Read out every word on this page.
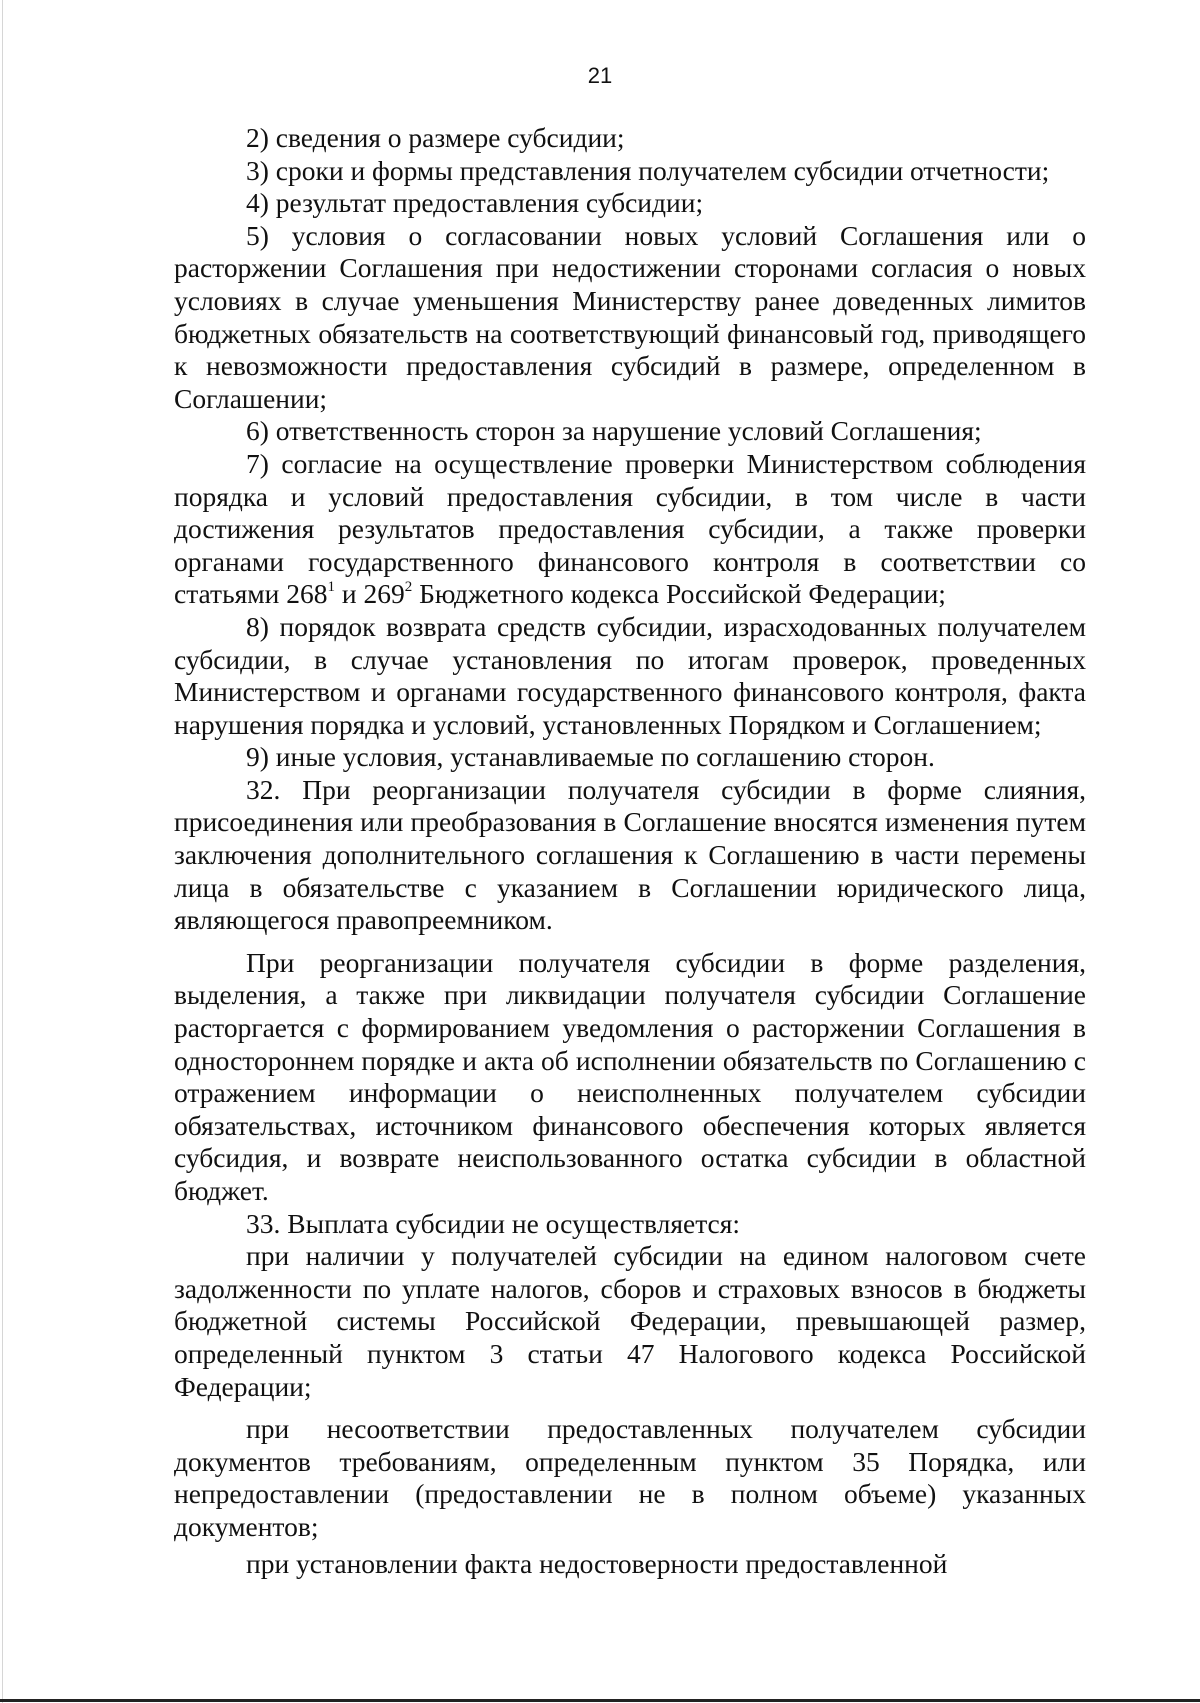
21

2) сведения о размере субсидии;

3) сроки и формы представления получателем субсидии отчетности;

4) результат предоставления субсидии;

5) условия о согласовании новых условий Соглашения или о расторжении Соглашения при недостижении сторонами согласия о новых условиях в случае уменьшения Министерству ранее доведенных лимитов бюджетных обязательств на соответствующий финансовый год, приводящего к невозможности предоставления субсидий в размере, определенном в Соглашении;

6) ответственность сторон за нарушение условий Соглашения;

7) согласие на осуществление проверки Министерством соблюдения порядка и условий предоставления субсидии, в том числе в части достижения результатов предоставления субсидии, а также проверки органами государственного финансового контроля в соответствии со статьями $268^1$ и $269^2$ Бюджетного кодекса Российской Федерации;

8) порядок возврата средств субсидии, израсходованных получателем субсидии, в случае установления по итогам проверок, проведенных Министерством и органами государственного финансового контроля, факта нарушения порядка и условий, установленных Порядком и Соглашением;

9) иные условия, устанавливаемые по соглашению сторон.

32. При реорганизации получателя субсидии в форме слияния, присоединения или преобразования в Соглашение вносятся изменения путем заключения дополнительного соглашения к Соглашению в части перемены лица в обязательстве с указанием в Соглашении юридического лица, являющегося правопреемником.

При реорганизации получателя субсидии в форме разделения, выделения, а также при ликвидации получателя субсидии Соглашение расторгается с формированием уведомления о расторжении Соглашения в одностороннем порядке и акта об исполнении обязательств по Соглашению с отражением информации о неисполненных получателем субсидии обязательствах, источником финансового обеспечения которых является субсидия, и возврате неиспользованного остатка субсидии в областной бюджет.

33. Выплата субсидии не осуществляется:

при наличии у получателей субсидии на едином налоговом счете задолженности по уплате налогов, сборов и страховых взносов в бюджеты бюджетной системы Российской Федерации, превышающей размер, определенный пунктом 3 статьи 47 Налогового кодекса Российской Федерации;

при несоответствии предоставленных получателем субсидии документов требованиям, определенным пунктом 35 Порядка, или непредоставлении (предоставлении не в полном объеме) указанных документов;

при установлении факта недостоверности предоставленной
